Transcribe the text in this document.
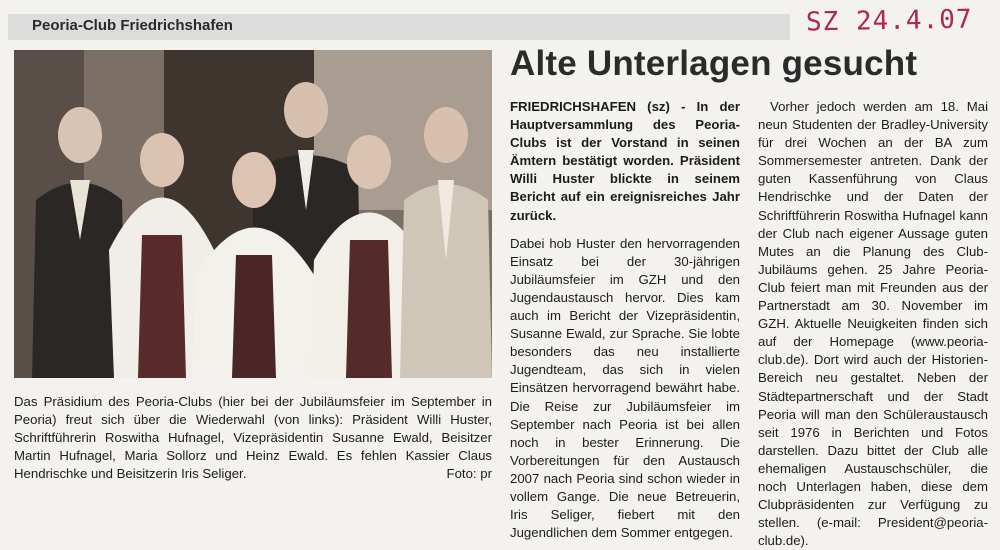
Peoria-Club Friedrichshafen	SZ 24.4.07
Das Präsidium des Peoria-Clubs (hier bei der Jubiläumsfeier im September in Peoria) freut sich über die Wiederwahl (von links): Präsident Willi Huster, Schriftführerin Roswitha Hufnagel, Vizepräsidentin Susanne Ewald, Beisitzer Martin Hufnagel, Maria Sollorz und Heinz Ewald. Es fehlen Kassier Claus Hendrischke und Beisitzerin Iris Seliger.	Foto: pr
Alte Unterlagen gesucht

FRIEDRICHSHAFEN (sz) - In der Hauptversammlung des Peoria-Clubs ist der Vorstand in seinen Ämtern bestätigt worden. Präsident Willi Huster blickte in seinem Bericht auf ein ereignisreiches Jahr zurück.

Dabei hob Huster den hervorragenden Einsatz bei der 30-jährigen Jubiläumsfeier im GZH und den Jugendaustausch hervor. Dies kam auch im Bericht der Vizepräsidentin, Susanne Ewald, zur Sprache. Sie lobte besonders das neu installierte Jugendteam, das sich in vielen Einsätzen hervorragend bewährt habe. Die Reise zur Jubiläumsfeier im September nach Peoria ist bei allen noch in bester Erinnerung. Die Vorbereitungen für den Austausch 2007 nach Peoria sind schon wieder in vollem Gange. Die neue Betreuerin, Iris Seliger, fiebert mit den Jugendlichen dem Sommer entgegen.

Vorher jedoch werden am 18. Mai neun Studenten der Bradley-University für drei Wochen an der BA zum Sommersemester antreten. Dank der guten Kassenführung von Claus Hendrischke und der Daten der Schriftführerin Roswitha Hufnagel kann der Club nach eigener Aussage guten Mutes an die Planung des Club-Jubiläums gehen. 25 Jahre Peoria-Club feiert man mit Freunden aus der Partnerstadt am 30. November im GZH. Aktuelle Neuigkeiten finden sich auf der Homepage (www.peoria-club.de). Dort wird auch der Historien-Bereich neu gestaltet. Neben der Städtepartnerschaft und der Stadt Peoria will man den Schüleraustausch seit 1976 in Berichten und Fotos darstellen. Dazu bittet der Club alle ehemaligen Austauschschüler, die noch Unterlagen haben, diese dem Clubpräsidenten zur Verfügung zu stellen. (e-mail: President@peoria-club.de).
